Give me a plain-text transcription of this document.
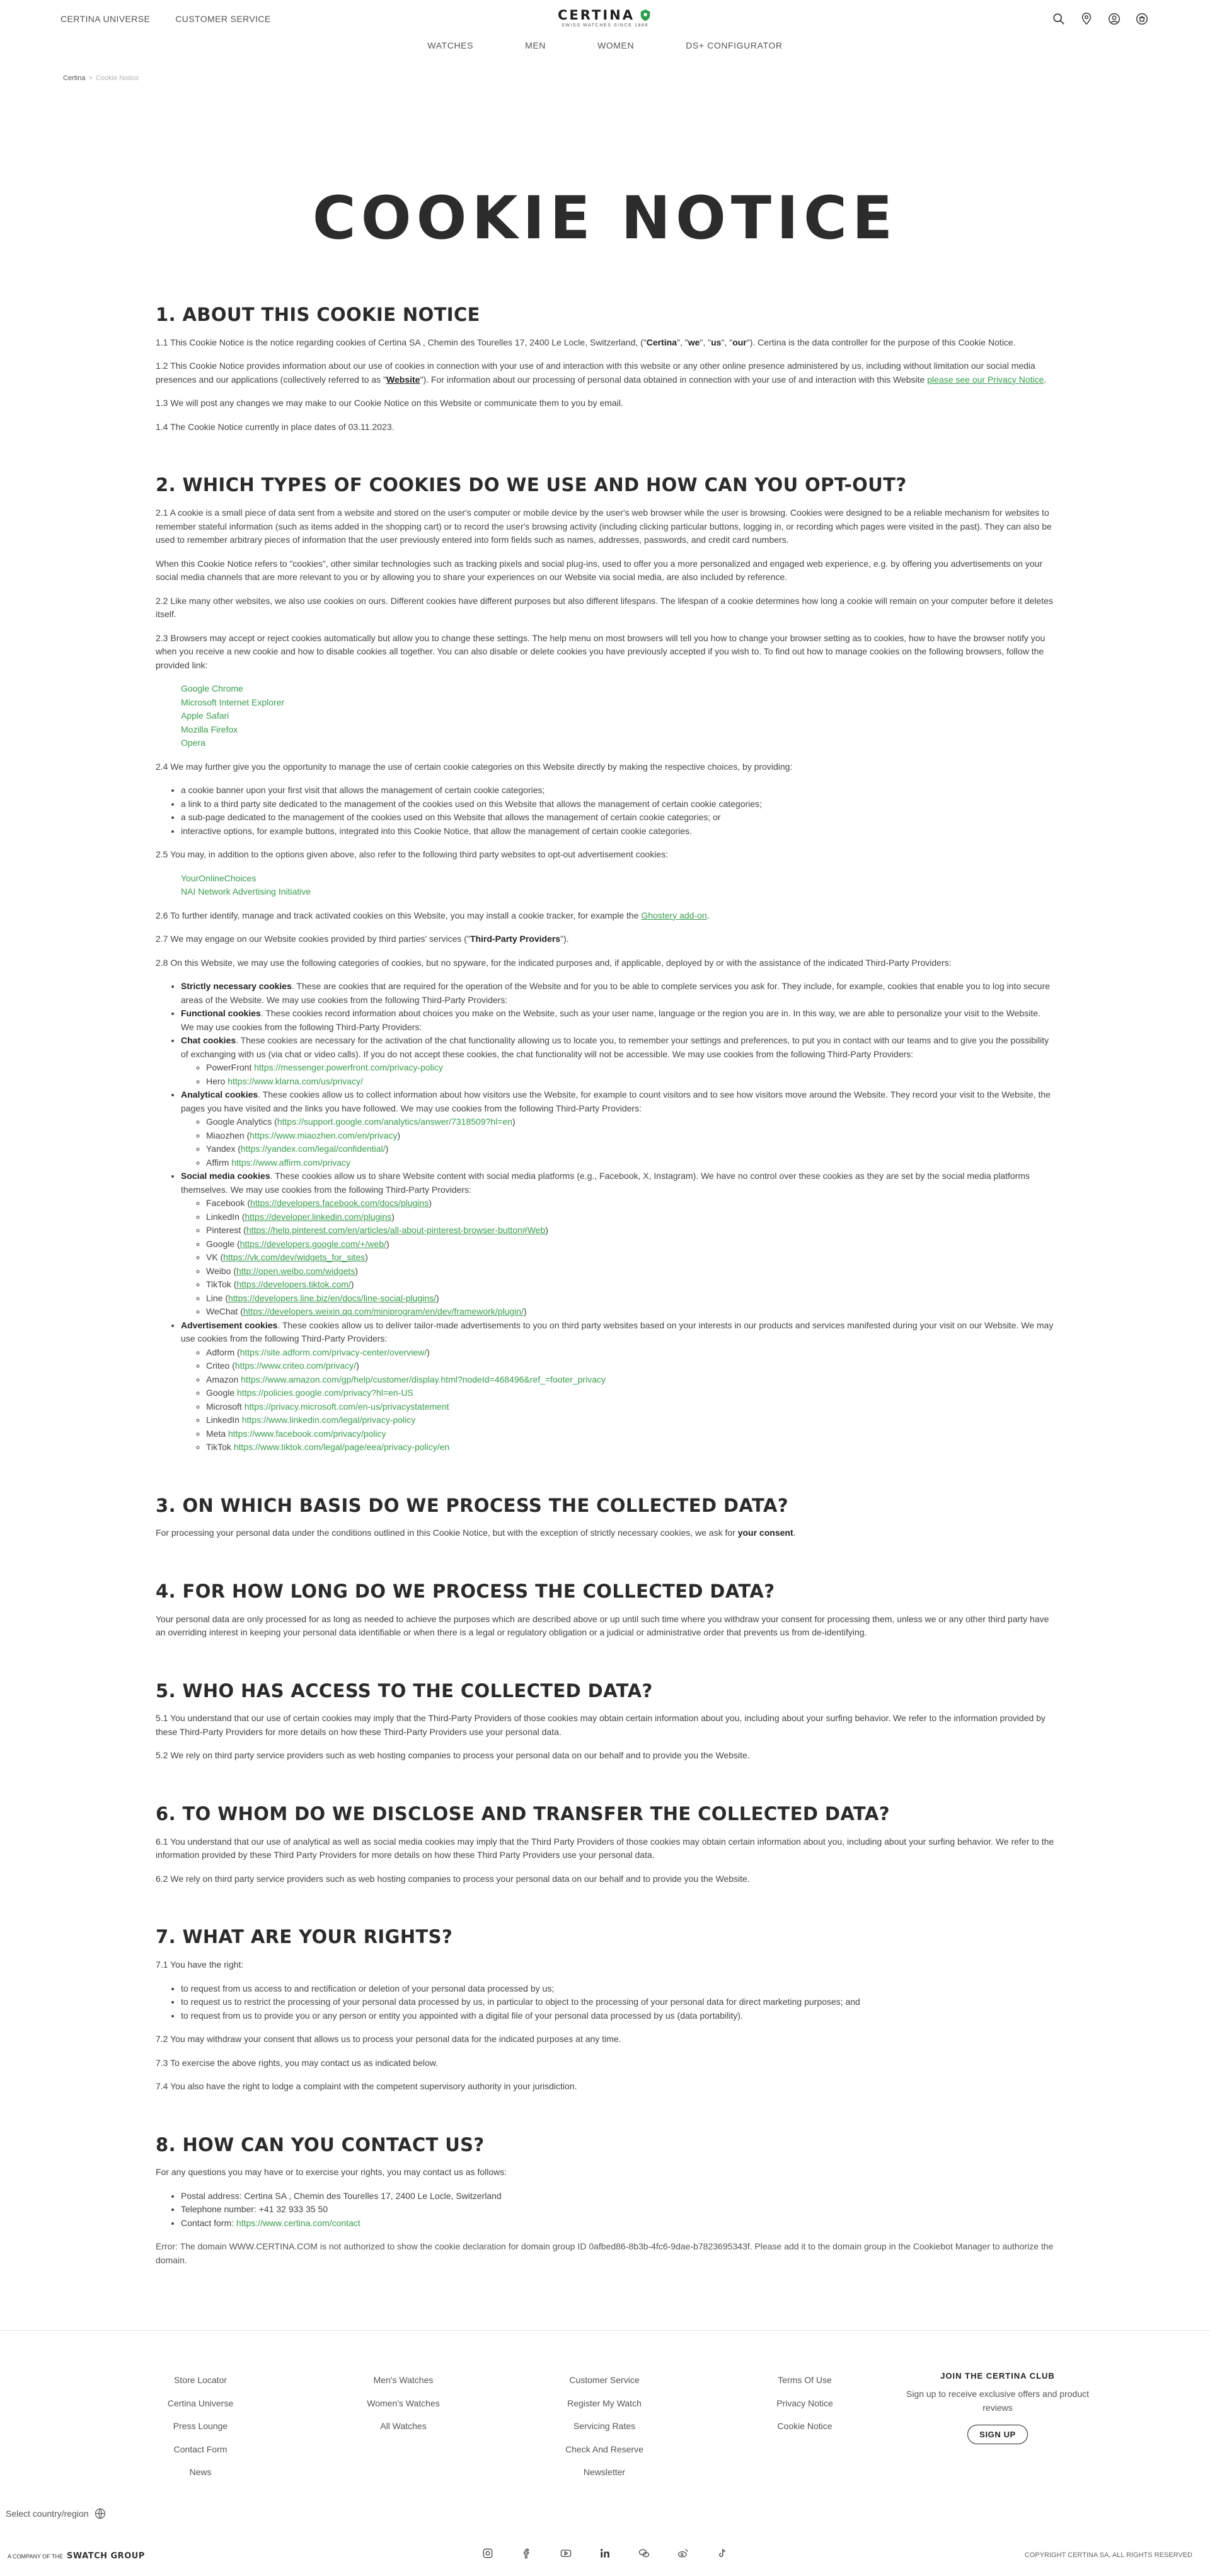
CERTINA UNIVERSE	CUSTOMER SERVICE	CERTINA
SWISS WATCHES SINCE 1888
WATCHES	MEN	WOMEN	DS+ CONFIGURATOR
Certina > Cookie Notice
COOKIE NOTICE
1. ABOUT THIS COOKIE NOTICE

1.1 This Cookie Notice is the notice regarding cookies of Certina SA , Chemin des Tourelles 17, 2400 Le Locle, Switzerland, ("Certina", "we", "us", "our"). Certina is the data controller for the purpose of this Cookie Notice.

1.2 This Cookie Notice provides information about our use of cookies in connection with your use of and interaction with this website or any other online presence administered by us, including without limitation our social media presences and our applications (collectively referred to as "Website"). For information about our processing of personal data obtained in connection with your use of and interaction with this Website please see our Privacy Notice.

1.3 We will post any changes we may make to our Cookie Notice on this Website or communicate them to you by email.

1.4 The Cookie Notice currently in place dates of 03.11.2023.

2. WHICH TYPES OF COOKIES DO WE USE AND HOW CAN YOU OPT-OUT?

2.1 A cookie is a small piece of data sent from a website and stored on the user's computer or mobile device by the user's web browser while the user is browsing. Cookies were designed to be a reliable mechanism for websites to remember stateful information (such as items added in the shopping cart) or to record the user's browsing activity (including clicking particular buttons, logging in, or recording which pages were visited in the past). They can also be used to remember arbitrary pieces of information that the user previously entered into form fields such as names, addresses, passwords, and credit card numbers.

When this Cookie Notice refers to "cookies", other similar technologies such as tracking pixels and social plug-ins, used to offer you a more personalized and engaged web experience, e.g. by offering you advertisements on your social media channels that are more relevant to you or by allowing you to share your experiences on our Website via social media, are also included by reference.

2.2 Like many other websites, we also use cookies on ours. Different cookies have different purposes but also different lifespans. The lifespan of a cookie determines how long a cookie will remain on your computer before it deletes itself.

2.3 Browsers may accept or reject cookies automatically but allow you to change these settings. The help menu on most browsers will tell you how to change your browser setting as to cookies, how to have the browser notify you when you receive a new cookie and how to disable cookies all together. You can also disable or delete cookies you have previously accepted if you wish to. To find out how to manage cookies on the following browsers, follow the provided link:

Google Chrome
Microsoft Internet Explorer
Apple Safari
Mozilla Firefox
Opera

2.4 We may further give you the opportunity to manage the use of certain cookie categories on this Website directly by making the respective choices, by providing:

• a cookie banner upon your first visit that allows the management of certain cookie categories;
• a link to a third party site dedicated to the management of the cookies used on this Website that allows the management of certain cookie categories;
• a sub-page dedicated to the management of the cookies used on this Website that allows the management of certain cookie categories; or
• interactive options, for example buttons, integrated into this Cookie Notice, that allow the management of certain cookie categories.

2.5 You may, in addition to the options given above, also refer to the following third party websites to opt-out advertisement cookies:

YourOnlineChoices
NAI Network Advertising Initiative

2.6 To further identify, manage and track activated cookies on this Website, you may install a cookie tracker, for example the Ghostery add-on.

2.7 We may engage on our Website cookies provided by third parties' services ("Third-Party Providers").

2.8 On this Website, we may use the following categories of cookies, but no spyware, for the indicated purposes and, if applicable, deployed by or with the assistance of the indicated Third-Party Providers:

• Strictly necessary cookies. These are cookies that are required for the operation of the Website and for you to be able to complete services you ask for. They include, for example, cookies that enable you to log into secure areas of the Website. We may use cookies from the following Third-Party Providers:
• Functional cookies. These cookies record information about choices you make on the Website, such as your user name, language or the region you are in. In this way, we are able to personalize your visit to the Website. We may use cookies from the following Third-Party Providers:
• Chat cookies. These cookies are necessary for the activation of the chat functionality allowing us to locate you, to remember your settings and preferences, to put you in contact with our teams and to give you the possibility of exchanging with us (via chat or video calls). If you do not accept these cookies, the chat functionality will not be accessible. We may use cookies from the following Third-Party Providers:
◦ PowerFront https://messenger.powerfront.com/privacy-policy
◦ Hero https://www.klarna.com/us/privacy/
• Analytical cookies. These cookies allow us to collect information about how visitors use the Website, for example to count visitors and to see how visitors move around the Website. They record your visit to the Website, the pages you have visited and the links you have followed. We may use cookies from the following Third-Party Providers:
◦ Google Analytics (https://support.google.com/analytics/answer/7318509?hl=en)
◦ Miaozhen (https://www.miaozhen.com/en/privacy)
◦ Yandex (https://yandex.com/legal/confidential/)
◦ Affirm https://www.affirm.com/privacy
• Social media cookies. These cookies allow us to share Website content with social media platforms (e.g., Facebook, X, Instagram). We have no control over these cookies as they are set by the social media platforms themselves. We may use cookies from the following Third-Party Providers:
◦ Facebook (https://developers.facebook.com/docs/plugins)
◦ LinkedIn (https://developer.linkedin.com/plugins)
◦ Pinterest (https://help.pinterest.com/en/articles/all-about-pinterest-browser-button#Web)
◦ Google (https://developers.google.com/+/web/)
◦ VK (https://vk.com/dev/widgets_for_sites)
◦ Weibo (http://open.weibo.com/widgets)
◦ TikTok (https://developers.tiktok.com/)
◦ Line (https://developers.line.biz/en/docs/line-social-plugins/)
◦ WeChat (https://developers.weixin.qq.com/miniprogram/en/dev/framework/plugin/)
• Advertisement cookies. These cookies allow us to deliver tailor-made advertisements to you on third party websites based on your interests in our products and services manifested during your visit on our Website. We may use cookies from the following Third-Party Providers:
◦ Adform (https://site.adform.com/privacy-center/overview/)
◦ Criteo (https://www.criteo.com/privacy/)
◦ Amazon https://www.amazon.com/gp/help/customer/display.html?nodeId=468496&ref_=footer_privacy
◦ Google https://policies.google.com/privacy?hl=en-US
◦ Microsoft https://privacy.microsoft.com/en-us/privacystatement
◦ LinkedIn https://www.linkedin.com/legal/privacy-policy
◦ Meta https://www.facebook.com/privacy/policy
◦ TikTok https://www.tiktok.com/legal/page/eea/privacy-policy/en
3. ON WHICH BASIS DO WE PROCESS THE COLLECTED DATA?

For processing your personal data under the conditions outlined in this Cookie Notice, but with the exception of strictly necessary cookies, we ask for your consent.

4. FOR HOW LONG DO WE PROCESS THE COLLECTED DATA?

Your personal data are only processed for as long as needed to achieve the purposes which are described above or up until such time where you withdraw your consent for processing them, unless we or any other third party have an overriding interest in keeping your personal data identifiable or when there is a legal or regulatory obligation or a judicial or administrative order that prevents us from de-identifying.

5. WHO HAS ACCESS TO THE COLLECTED DATA?

5.1 You understand that our use of certain cookies may imply that the Third-Party Providers of those cookies may obtain certain information about you, including about your surfing behavior. We refer to the information provided by these Third-Party Providers for more details on how these Third-Party Providers use your personal data.

5.2 We rely on third party service providers such as web hosting companies to process your personal data on our behalf and to provide you the Website.

6. TO WHOM DO WE DISCLOSE AND TRANSFER THE COLLECTED DATA?

6.1 You understand that our use of analytical as well as social media cookies may imply that the Third Party Providers of those cookies may obtain certain information about you, including about your surfing behavior. We refer to the information provided by these Third Party Providers for more details on how these Third Party Providers use your personal data.

6.2 We rely on third party service providers such as web hosting companies to process your personal data on our behalf and to provide you the Website.

7. WHAT ARE YOUR RIGHTS?

7.1 You have the right:

• to request from us access to and rectification or deletion of your personal data processed by us;
• to request us to restrict the processing of your personal data processed by us, in particular to object to the processing of your personal data for direct marketing purposes; and
• to request from us to provide you or any person or entity you appointed with a digital file of your personal data processed by us (data portability).

7.2 You may withdraw your consent that allows us to process your personal data for the indicated purposes at any time.

7.3 To exercise the above rights, you may contact us as indicated below.

7.4 You also have the right to lodge a complaint with the competent supervisory authority in your jurisdiction.

8. HOW CAN YOU CONTACT US?

For any questions you may have or to exercise your rights, you may contact us as follows:

• Postal address: Certina SA , Chemin des Tourelles 17, 2400 Le Locle, Switzerland
• Telephone number: +41 32 933 35 50
• Contact form: https://www.certina.com/contact

Error: The domain WWW.CERTINA.COM is not authorized to show the cookie declaration for domain group ID 0afbed86-8b3b-4fc6-9dae-b7823695343f. Please add it to the domain group in the Cookiebot Manager to authorize the domain.

Store Locator
Certina Universe
Press Lounge
Contact Form
News
Men's Watches
Women's Watches
All Watches
Customer Service
Register My Watch
Servicing Rates
Check And Reserve
Newsletter
Terms Of Use
Privacy Notice
Cookie Notice
JOIN THE CERTINA CLUB
Sign up to receive exclusive offers and product reviews
SIGN UP
Select country/region
A COMPANY OF THE SWATCH GROUP	COPYRIGHT CERTINA SA, ALL RIGHTS RESERVED
